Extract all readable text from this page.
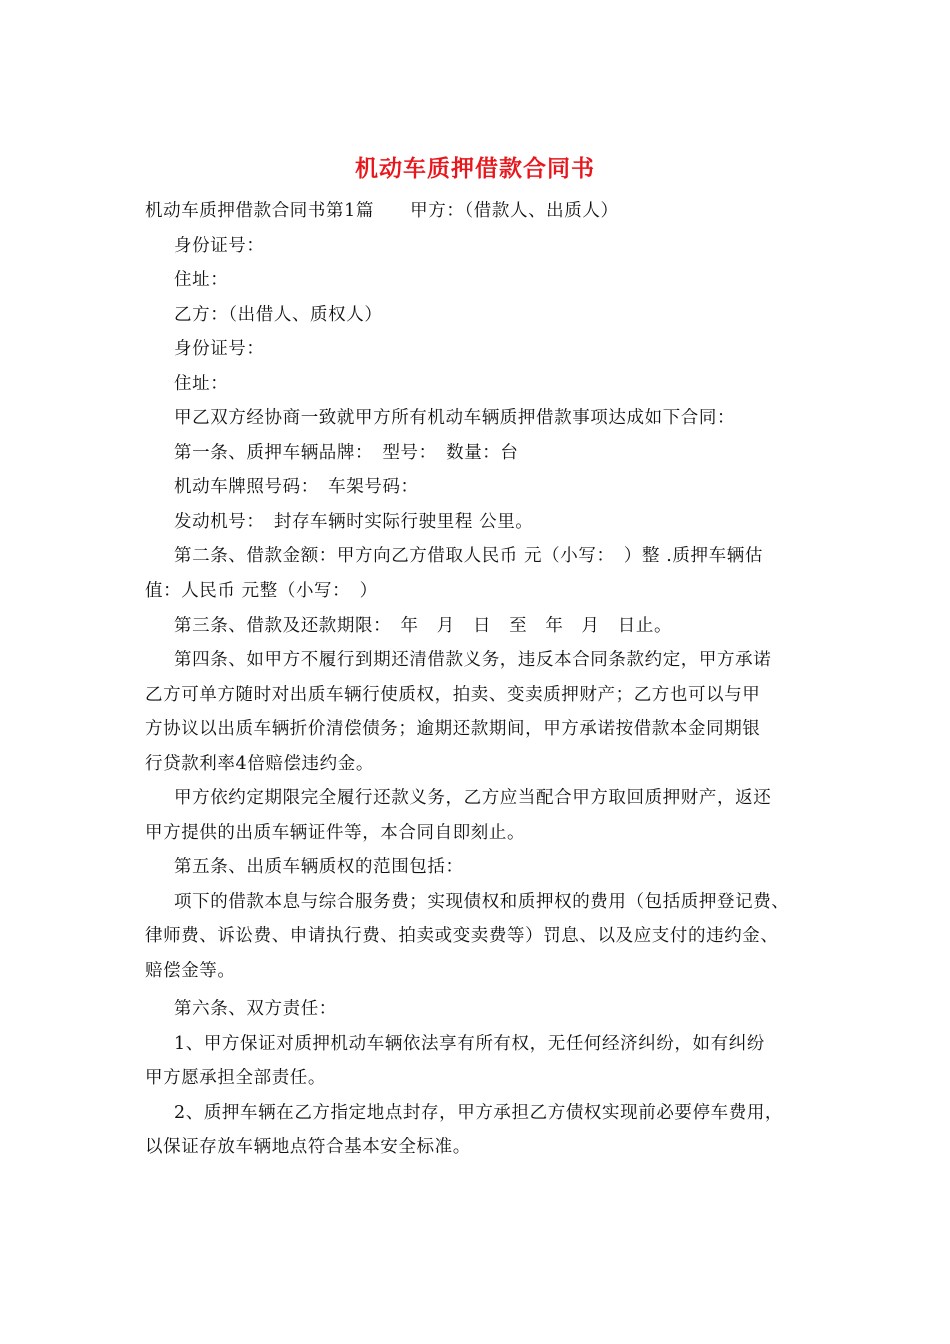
机动车质押借款合同书
机动车质押借款合同书第1篇　　甲方：（借款人、出质人）
身份证号：
住址：
乙方：（出借人、质权人）
身份证号：
住址：
甲乙双方经协商一致就甲方所有机动车辆质押借款事项达成如下合同：
第一条、质押车辆品牌：　型号：　数量：台
机动车牌照号码：　车架号码：
发动机号：　封存车辆时实际行驶里程 公里。
第二条、借款金额：甲方向乙方借取人民币 元（小写：　）整 .质押车辆估
值：人民币 元整（小写：　）
第三条、借款及还款期限：　年　月　日　至　年　月　日止。
第四条、如甲方不履行到期还清借款义务，违反本合同条款约定，甲方承诺
乙方可单方随时对出质车辆行使质权，拍卖、变卖质押财产；乙方也可以与甲
方协议以出质车辆折价清偿债务；逾期还款期间，甲方承诺按借款本金同期银
行贷款利率4倍赔偿违约金。
甲方依约定期限完全履行还款义务，乙方应当配合甲方取回质押财产，返还
甲方提供的出质车辆证件等，本合同自即刻止。
第五条、出质车辆质权的范围包括：
项下的借款本息与综合服务费；实现债权和质押权的费用（包括质押登记费、
律师费、诉讼费、申请执行费、拍卖或变卖费等）罚息、以及应支付的违约金、
赔偿金等。
第六条、双方责任：
1、甲方保证对质押机动车辆依法享有所有权，无任何经济纠纷，如有纠纷
甲方愿承担全部责任。
2、质押车辆在乙方指定地点封存，甲方承担乙方债权实现前必要停车费用，
以保证存放车辆地点符合基本安全标准。
